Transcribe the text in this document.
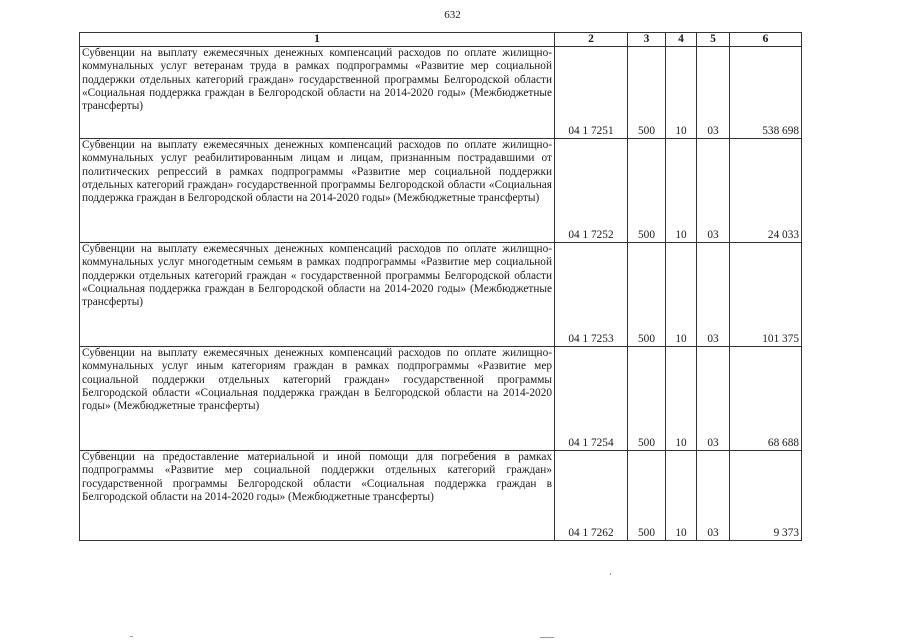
632
1	2	3	4	5	6
Субвенции на выплату ежемесячных денежных компенсаций расходов по оплате жилищно-коммунальных услуг ветеранам труда в рамках подпрограммы «Развитие мер социальной поддержки отдельных категорий граждан» государственной программы Белгородской области «Социальная поддержка граждан в Белгородской области на 2014-2020 годы» (Межбюджетные трансферты)	04 1 7251	500	10	03	538 698
Субвенции на выплату ежемесячных денежных компенсаций расходов по оплате жилищно-коммунальных услуг реабилитированным лицам и лицам, признанным пострадавшими от политических репрессий в рамках подпрограммы «Развитие мер социальной поддержки отдельных категорий граждан» государственной программы Белгородской области «Социальная поддержка граждан в Белгородской области на 2014-2020 годы» (Межбюджетные трансферты)	04 1 7252	500	10	03	24 033
Субвенции на выплату ежемесячных денежных компенсаций расходов по оплате жилищно-коммунальных услуг многодетным семьям в рамках подпрограммы «Развитие мер социальной поддержки отдельных категорий граждан « государственной программы Белгородской области «Социальная поддержка граждан в Белгородской области на 2014-2020 годы» (Межбюджетные трансферты)	04 1 7253	500	10	03	101 375
Субвенции на выплату ежемесячных денежных компенсаций расходов по оплате жилищно-коммунальных услуг иным категориям граждан в рамках подпрограммы «Развитие мер социальной поддержки отдельных категорий граждан» государственной программы Белгородской области «Социальная поддержка граждан в Белгородской области на 2014-2020 годы» (Межбюджетные трансферты)	04 1 7254	500	10	03	68 688
Субвенции на предоставление материальной и иной помощи для погребения в рамках подпрограммы «Развитие мер социальной поддержки отдельных категорий граждан» государственной программы Белгородской области «Социальная поддержка граждан в Белгородской области на 2014-2020 годы» (Межбюджетные трансферты)	04 1 7262	500	10	03	9 373
